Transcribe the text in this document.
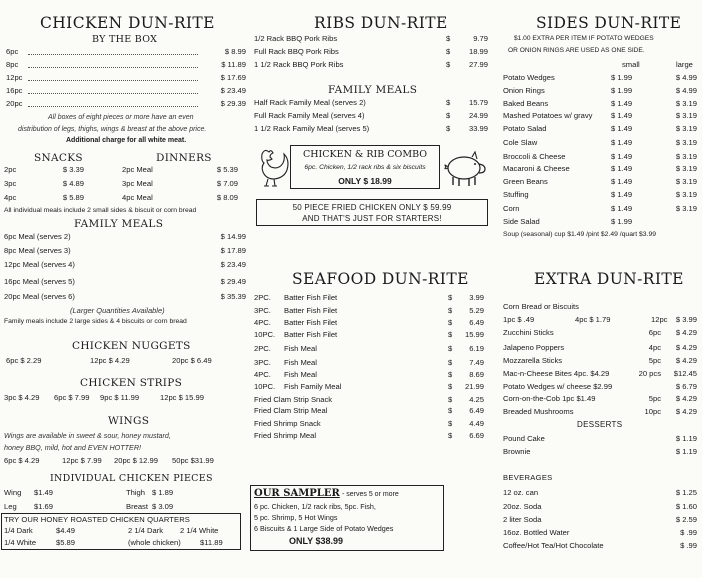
CHICKEN DUN-RITE
BY THE BOX
6pc	$ 8.99
8pc	$ 11.89
12pc	$ 17.69
16pc	$ 23.49
20pc	$ 29.39
All boxes of eight pieces or more have an even
distribution of legs, thighs, wings & breast at the above price.
Additional charge for all white meat.
SNACKS	DINNERS
2pc	$ 3.39
3pc	$ 4.89
4pc	$ 5.89
2pc Meal	$ 5.39
3pc Meal	$ 7.09
4pc Meal	$ 8.09
All individual meals include 2 small sides & biscuit or corn bread
FAMILY MEALS
6pc Meal (serves 2)	$ 14.99
8pc Meal (serves 3)	$ 17.89
12pc Meal (serves 4)	$ 23.49
16pc Meal (serves 5)	$ 29.49
20pc Meal (serves 6)	$ 35.39
(Larger Quantities Available)
Family meals include 2 large sides & 4 biscuits or corn bread
CHICKEN NUGGETS
6pc $ 2.29	12pc $ 4.29	20pc $ 6.49
CHICKEN STRIPS
3pc $ 4.29 6pc $ 7.99 9pc $ 11.99	12pc $ 15.99
WINGS
Wings are available in sweet & sour, honey mustard,
honey BBQ, mild, hot and EVEN HOTTER!
6pc $ 4.29	12pc $ 7.99 20pc $ 12.99 50pc $31.99
INDIVIDUAL CHICKEN PIECES
Wing $1.49	Thigh $ 1.89
Leg $1.69	Breast $ 3.09
TRY OUR HONEY ROASTED CHICKEN QUARTERS
1/4 Dark	$4.49	2 1/4 Dark 2 1/4 White
1/4 White	$5.89	(whole chicken)	$11.89
RIBS DUN-RITE
1/2 Rack BBQ Pork Ribs	$	9.79
Full Rack BBQ Pork Ribs	$ 18.99
1 1/2 Rack BBQ Pork Ribs	$ 27.99
FAMILY MEALS
Half Rack Family Meal (serves 2)	$ 15.79
Full Rack Family Meal (serves 4)	$ 24.99
1 1/2 Rack Family Meal (serves 5)	$ 33.99
CHICKEN & RIB COMBO
6pc. Chicken, 1/2 rack ribs & six biscuits
ONLY $ 18.99
50 PIECE FRIED CHICKEN ONLY $ 59.99
AND THAT'S JUST FOR STARTERS!
SEAFOOD DUN-RITE
2PC. Batter Fish Filet	$ 3.99
3PC. Batter Fish Filet	$ 5.29
4PC. Batter Fish Filet	$ 6.49
10PC. Batter Fish Filet	$ 15.99
2PC. Fish Meal	$ 6.19
3PC. Fish Meal	$ 7.49
4PC. Fish Meal	$ 8.69
10PC. Fish Family Meal	$ 21.99
Fried Clam Strip Snack	$ 4.25
Fried Clam Strip Meal	$ 6.49
Fried Shrimp Snack	$ 4.49
Fried Shrimp Meal	$ 6.69
OUR SAMPLER - serves 5 or more
6 pc. Chicken, 1/2 rack ribs, 5pc. Fish,
5 pc. Shrimp, 5 Hot Wings
6 Biscuits & 1 Large Side of Potato Wedges
ONLY $38.99
SIDES DUN-RITE
$1.00 EXTRA PER ITEM IF POTATO WEDGES
OR ONION RINGS ARE USED AS ONE SIDE.
small	large
Potato Wedges	$ 1.99	$ 4.99
Onion Rings	$ 1.99	$ 4.99
Baked Beans	$ 1.49	$ 3.19
Mashed Potatoes w/ gravy $ 1.49	$ 3.19
Potato Salad	$ 1.49	$ 3.19
Cole Slaw	$ 1.49	$ 3.19
Broccoli & Cheese	$ 1.49	$ 3.19
Macaroni & Cheese	$ 1.49	$ 3.19
Green Beans	$ 1.49	$ 3.19
Stuffing	$ 1.49	$ 3.19
Corn	$ 1.49	$ 3.19
Side Salad	$ 1.99
Soup (seasonal) cup $1.49 /pint $2.49 /quart $3.99
EXTRA DUN-RITE
Corn Bread or Biscuits
1pc $ .49	4pc $ 1.79	12pc $ 3.99
Zucchini Sticks	6pc $ 4.29
Jalapeno Poppers	4pc $ 4.29
Mozzarella Sticks	5pc $ 4.29
Mac-n-Cheese Bites 4pc. $4.29	20 pcs $12.45
Potato Wedges w/ cheese $2.99	$ 6.79
Corn-on-the-Cob 1pc $1.49	5pc $ 4.29
Breaded Mushrooms	10pc $ 4.29
DESSERTS
Pound Cake	$ 1.19
Brownie	$ 1.19
BEVERAGES
12 oz. can	$ 1.25
20oz. Soda	$ 1.60
2 liter Soda	$ 2.59
16oz. Bottled Water	$ .99
Coffee/Hot Tea/Hot Chocolate	$ .99
